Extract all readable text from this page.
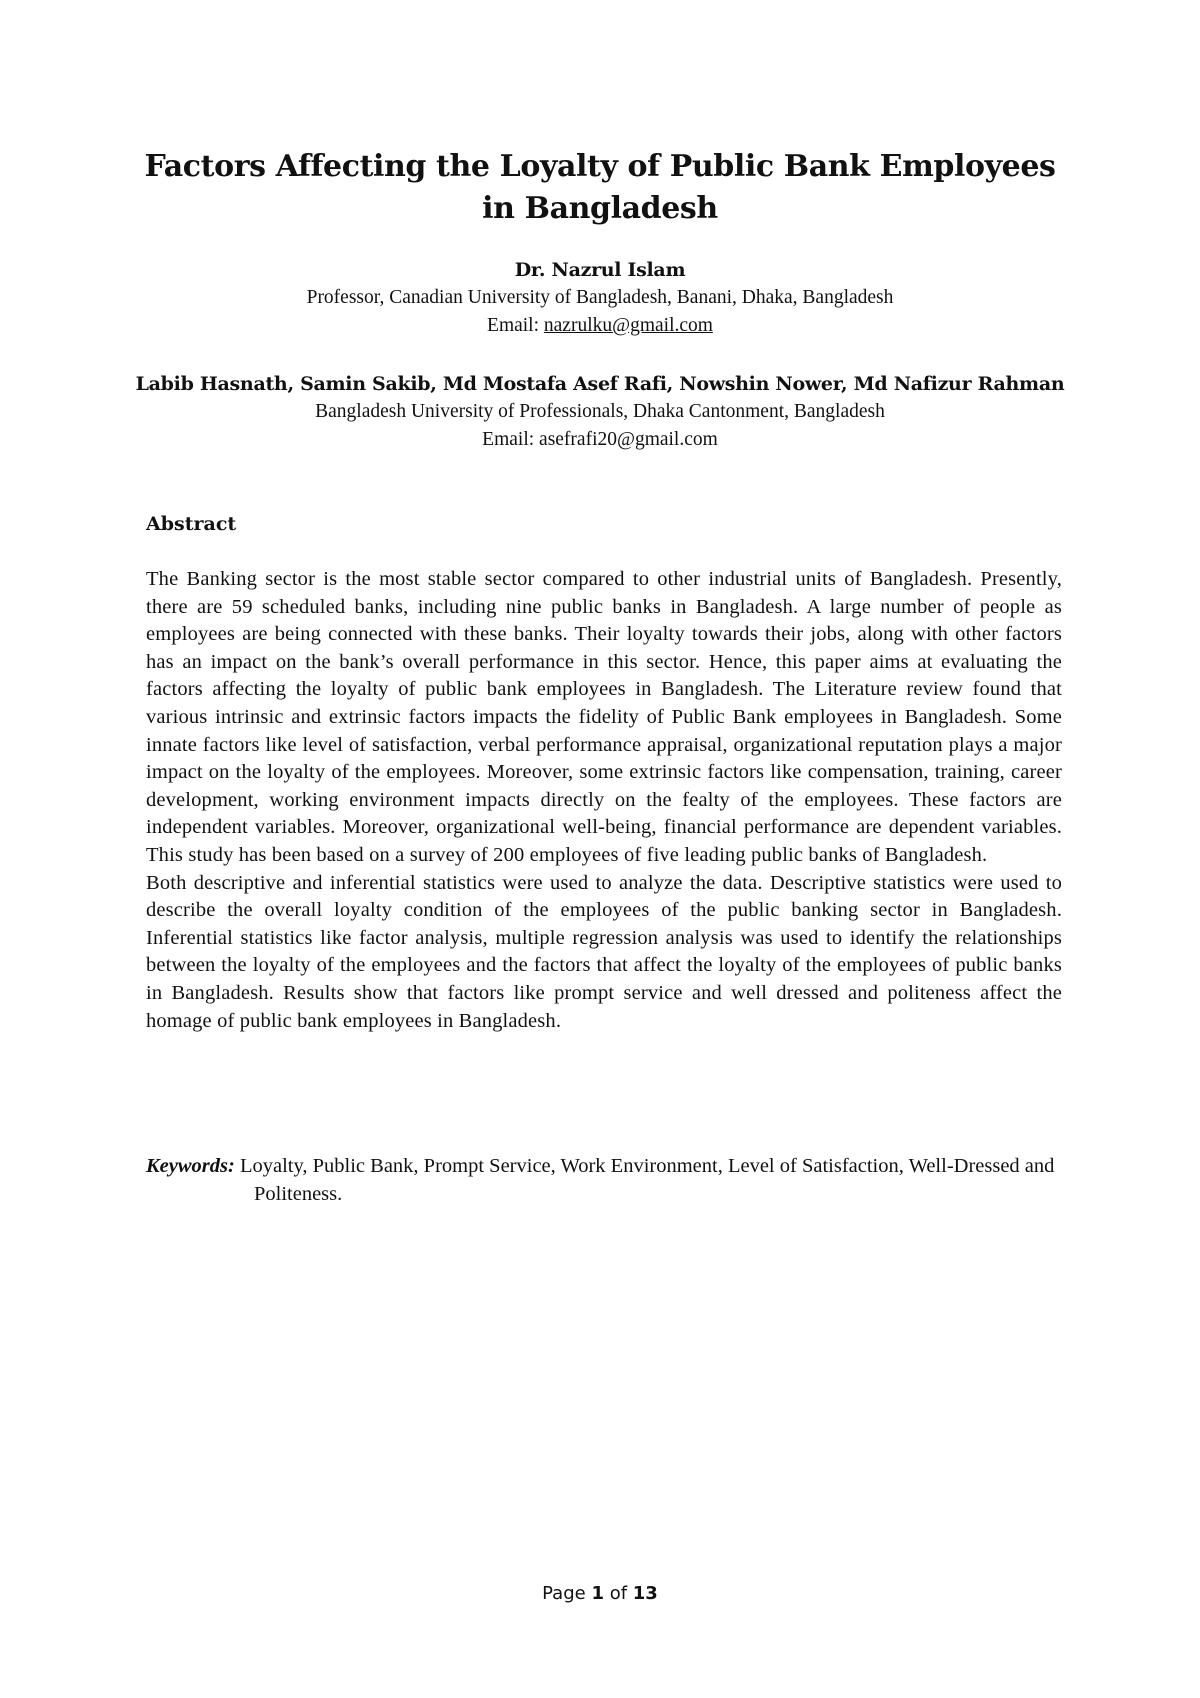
Factors Affecting the Loyalty of Public Bank Employees in Bangladesh
Dr. Nazrul Islam
Professor, Canadian University of Bangladesh, Banani, Dhaka, Bangladesh
Email: nazrulku@gmail.com
Labib Hasnath, Samin Sakib, Md Mostafa Asef Rafi, Nowshin Nower, Md Nafizur Rahman
Bangladesh University of Professionals, Dhaka Cantonment, Bangladesh
Email: asefrafi20@gmail.com
Abstract

The Banking sector is the most stable sector compared to other industrial units of Bangladesh. Presently, there are 59 scheduled banks, including nine public banks in Bangladesh. A large number of people as employees are being connected with these banks. Their loyalty towards their jobs, along with other factors has an impact on the bank’s overall performance in this sector. Hence, this paper aims at evaluating the factors affecting the loyalty of public bank employees in Bangladesh. The Literature review found that various intrinsic and extrinsic factors impacts the fidelity of Public Bank employees in Bangladesh. Some innate factors like level of satisfaction, verbal performance appraisal, organizational reputation plays a major impact on the loyalty of the employees. Moreover, some extrinsic factors like compensation, training, career development, working environment impacts directly on the fealty of the employees. These factors are independent variables. Moreover, organizational well-being, financial performance are dependent variables. This study has been based on a survey of 200 employees of five leading public banks of Bangladesh.

Both descriptive and inferential statistics were used to analyze the data. Descriptive statistics were used to describe the overall loyalty condition of the employees of the public banking sector in Bangladesh. Inferential statistics like factor analysis, multiple regression analysis was used to identify the relationships between the loyalty of the employees and the factors that affect the loyalty of the employees of public banks in Bangladesh. Results show that factors like prompt service and well dressed and politeness affect the homage of public bank employees in Bangladesh.

Keywords: Loyalty, Public Bank, Prompt Service, Work Environment, Level of Satisfaction, Well-Dressed and Politeness.
Page 1 of 13
